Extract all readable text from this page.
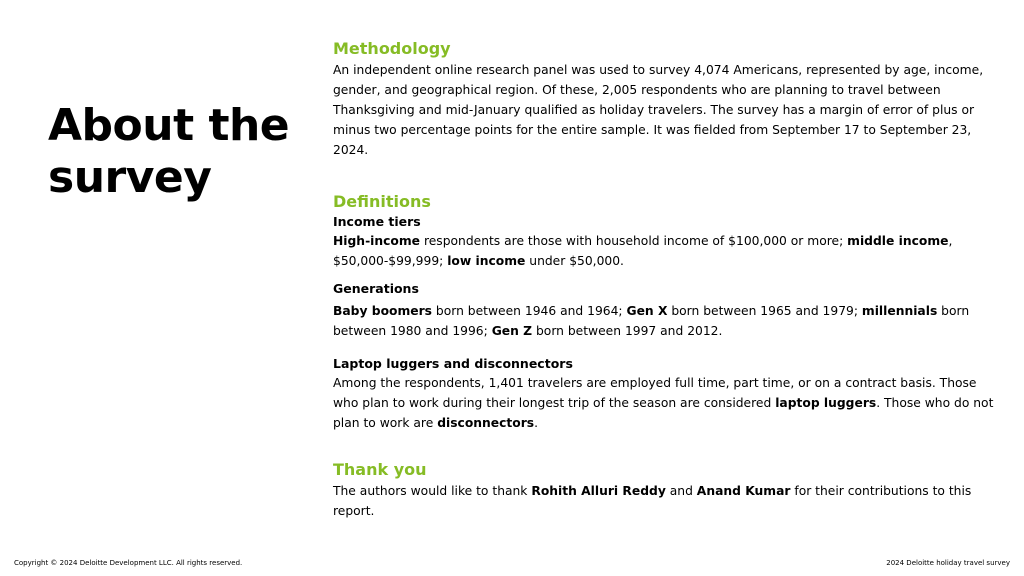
About the survey
Methodology

An independent online research panel was used to survey 4,074 Americans, represented by age, income, gender, and geographical region. Of these, 2,005 respondents who are planning to travel between Thanksgiving and mid-January qualified as holiday travelers. The survey has a margin of error of plus or minus two percentage points for the entire sample. It was fielded from September 17 to September 23, 2024.

Definitions
Income tiers

High-income respondents are those with household income of $100,000 or more; middle income, $50,000-$99,999; low income under $50,000.

Generations

Baby boomers born between 1946 and 1964; Gen X born between 1965 and 1979; millennials born between 1980 and 1996; Gen Z born between 1997 and 2012.

Laptop luggers and disconnectors

Among the respondents, 1,401 travelers are employed full time, part time, or on a contract basis. Those who plan to work during their longest trip of the season are considered laptop luggers. Those who do not plan to work are disconnectors.

Thank you

The authors would like to thank Rohith Alluri Reddy and Anand Kumar for their contributions to this report.

Copyright © 2024 Deloitte Development LLC. All rights reserved.	2024 Deloitte holiday travel survey
